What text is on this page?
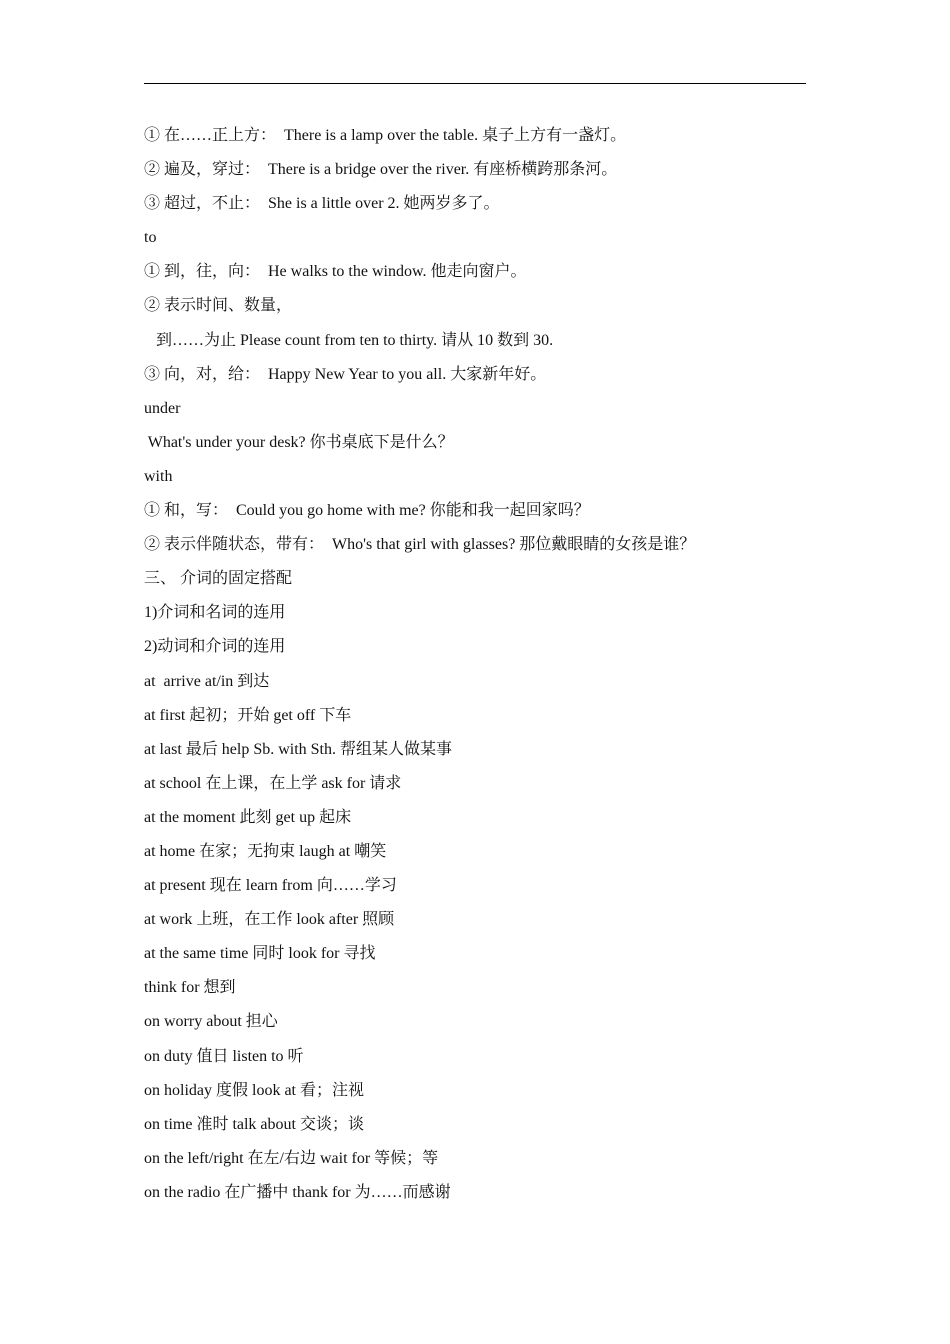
① 在……正上方：  There is a lamp over the table. 桌子上方有一盏灯。
② 遍及，穿过：  There is a bridge over the river. 有座桥横跨那条河。
③ 超过，不止：  She is a little over 2. 她两岁多了。
to
① 到，往，向：  He walks to the window. 他走向窗户。
② 表示时间、数量，
到……为止 Please count from ten to thirty. 请从 10 数到 30.
③ 向，对，给：  Happy New Year to you all. 大家新年好。
under
What's under your desk? 你书桌底下是什么？
with
① 和，写：  Could you go home with me? 你能和我一起回家吗？
② 表示伴随状态，带有：  Who's that girl with glasses? 那位戴眼睛的女孩是谁？
三、 介词的固定搭配
1)介词和名词的连用
2)动词和介词的连用
at  arrive at/in 到达
at first 起初；开始 get off 下车
at last 最后 help Sb. with Sth. 帮组某人做某事
at school 在上课，在上学 ask for 请求
at the moment 此刻 get up 起床
at home 在家；无拘束 laugh at 嘲笑
at present 现在 learn from 向……学习
at work 上班，在工作 look after 照顾
at the same time 同时 look for 寻找
think for 想到
on worry about 担心
on duty 值日 listen to 听
on holiday 度假 look at 看；注视
on time 准时 talk about 交谈；谈
on the left/right 在左/右边 wait for 等候；等
on the radio 在广播中 thank for 为……而感谢
